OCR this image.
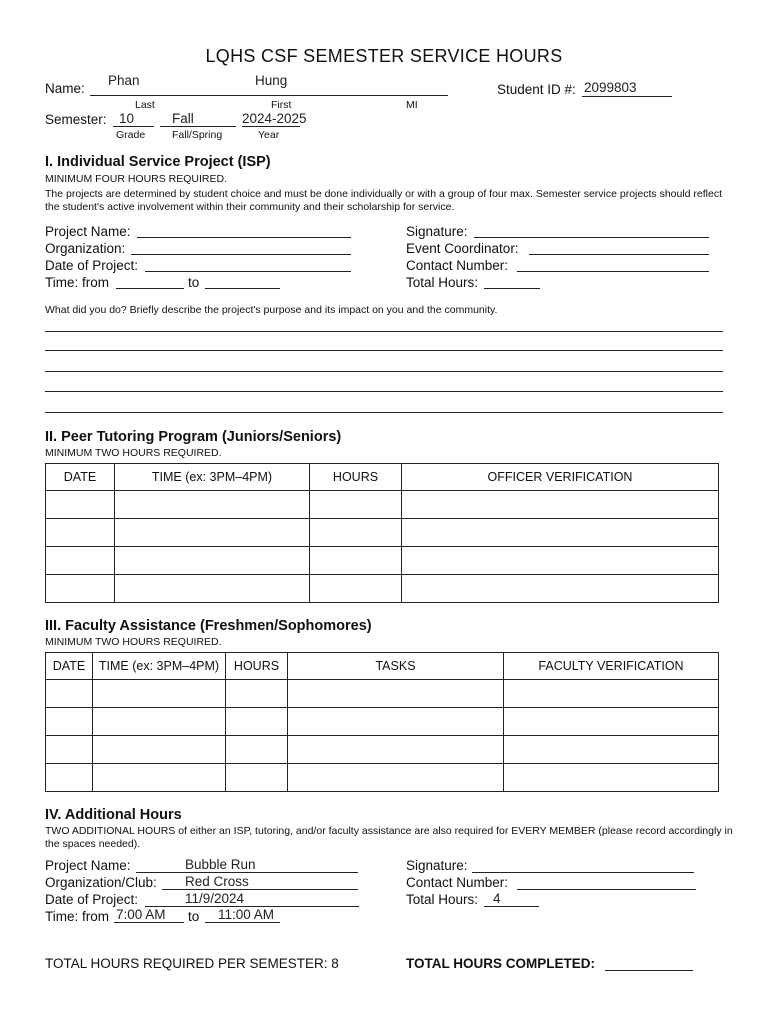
LQHS CSF SEMESTER SERVICE HOURS
Name:
Phan	Hung
Last	First	MI
Student ID #: 2099803
Semester: 10	Fall	2024-2025
Grade	Fall/Spring	Year
I. Individual Service Project (ISP)
MINIMUM FOUR HOURS REQUIRED.
The projects are determined by student choice and must be done individually or with a group of four max. Semester service projects should reflect the student's active involvement within their community and their scholarship for service.
Project Name:
Organization:
Date of Project:
Time: from	to
Signature:
Event Coordinator:
Contact Number:
Total Hours:
What did you do? Briefly describe the project's purpose and its impact on you and the community.
II. Peer Tutoring Program (Juniors/Seniors)
MINIMUM TWO HOURS REQUIRED.
DATE	TIME (ex: 3PM–4PM)	HOURS	OFFICER VERIFICATION

III. Faculty Assistance (Freshmen/Sophomores)
MINIMUM TWO HOURS REQUIRED.
DATE	TIME (ex: 3PM–4PM)	HOURS	TASKS	FACULTY VERIFICATION

IV. Additional Hours
TWO ADDITIONAL HOURS of either an ISP, tutoring, and/or faculty assistance are also required for EVERY MEMBER (please record accordingly in the spaces needed).
Project Name:	Bubble Run
Organization/Club: Red Cross
Date of Project:	11/9/2024
Time: from 7:00 AM to 11:00 AM
Signature:
Contact Number:
Total Hours: 4
TOTAL HOURS REQUIRED PER SEMESTER: 8	TOTAL HOURS COMPLETED:
